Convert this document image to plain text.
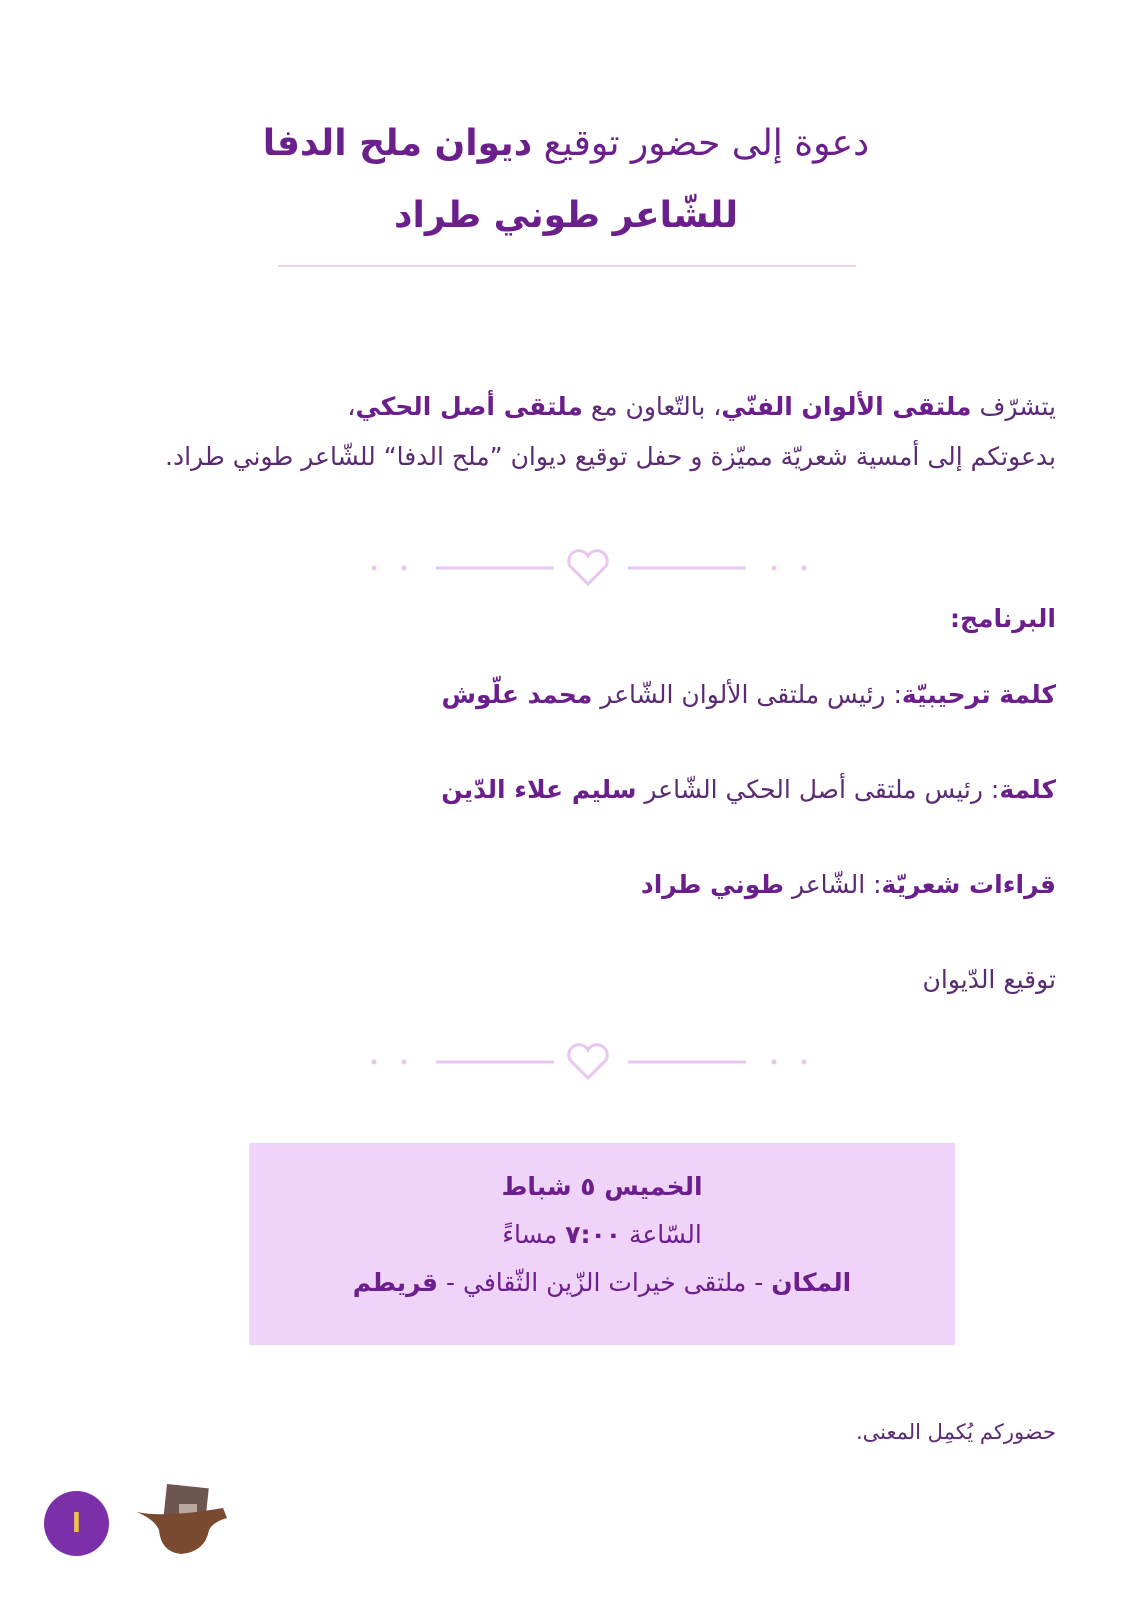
دعوة إلى حضور توقيع ديوان ملح الدفا
للشّاعر طوني طراد
يتشرّف ملتقى الألوان الفنّي، بالتّعاون مع ملتقى أصل الحكي،
بدعوتكم إلى أمسية شعريّة مميّزة و حفل توقيع ديوان ”ملح الدفا“ للشّاعر طوني طراد.
البرنامج:
كلمة ترحيبيّة: رئيس ملتقى الألوان الشّاعر محمد علّوش
كلمة: رئيس ملتقى أصل الحكي الشّاعر سليم علاء الدّين
قراءات شعريّة: الشّاعر طوني طراد
توقيع الدّيوان
الخميس ٥ شباط
السّاعة ٧:٠٠ مساءً
المكان - ملتقى خيرات الزّين الثّقافي - قريطم
حضوركم يُكمِل المعنى.
ا
